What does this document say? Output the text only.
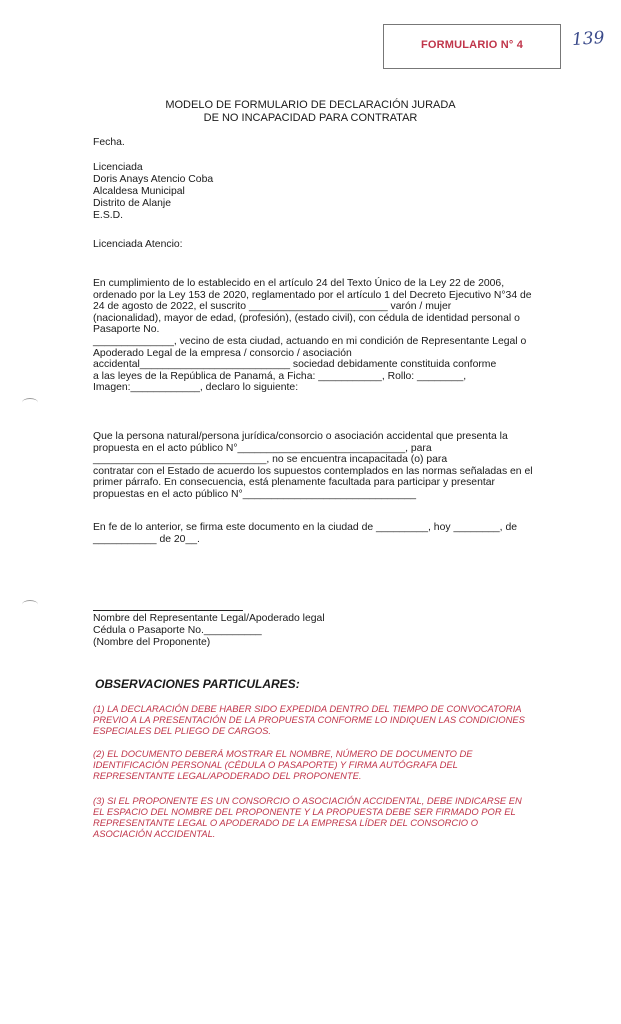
FORMULARIO N° 4	139
MODELO DE FORMULARIO DE DECLARACIÓN JURADA
DE NO INCAPACIDAD PARA CONTRATAR
Fecha.
Licenciada
Doris Anays Atencio Coba
Alcaldesa Municipal
Distrito de Alanje
E.S.D.
Licenciada Atencio:

En cumplimiento de lo establecido en el artículo 24 del Texto Único de la Ley 22 de 2006,

ordenado por la Ley 153 de 2020, reglamentado por el artículo 1 del Decreto Ejecutivo N°34 de

24 de agosto de 2022, el suscrito ________________________ varón / mujer

(nacionalidad), mayor de edad, (profesión), (estado civil), con cédula de identidad personal o

Pasaporte No.

______________, vecino de esta ciudad, actuando en mi condición de Representante Legal o

Apoderado Legal de la empresa / consorcio / asociación

accidental__________________________ sociedad debidamente constituida conforme

a las leyes de la República de Panamá, a Ficha: ___________, Rollo: ________,

Imagen:____________, declaro lo siguiente:

Que la persona natural/persona jurídica/consorcio o asociación accidental que presenta la

propuesta en el acto público N°_____________________________, para

______________________________, no se encuentra incapacitada (o) para

contratar con el Estado de acuerdo los supuestos contemplados en las normas señaladas en el

primer párrafo. En consecuencia, está plenamente facultada para participar y presentar

propuestas en el acto público N°______________________________

En fe de lo anterior, se firma este documento en la ciudad de _________, hoy ________, de

___________ de 20__.

Nombre del Representante Legal/Apoderado legal
Cédula o Pasaporte No.__________
(Nombre del Proponente)
OBSERVACIONES PARTICULARES:

(1) LA DECLARACIÓN DEBE HABER SIDO EXPEDIDA DENTRO DEL TIEMPO DE CONVOCATORIA

PREVIO A LA PRESENTACIÓN DE LA PROPUESTA CONFORME LO INDIQUEN LAS CONDICIONES

ESPECIALES DEL PLIEGO DE CARGOS.

(2) EL DOCUMENTO DEBERÁ MOSTRAR EL NOMBRE, NÚMERO DE DOCUMENTO DE

IDENTIFICACIÓN PERSONAL (CÉDULA O PASAPORTE) Y FIRMA AUTÓGRAFA DEL

REPRESENTANTE LEGAL/APODERADO DEL PROPONENTE.

(3) SI EL PROPONENTE ES UN CONSORCIO O ASOCIACIÓN ACCIDENTAL, DEBE INDICARSE EN

EL ESPACIO DEL NOMBRE DEL PROPONENTE Y LA PROPUESTA DEBE SER FIRMADO POR EL

REPRESENTANTE LEGAL O APODERADO DE LA EMPRESA LÍDER DEL CONSORCIO O

ASOCIACIÓN ACCIDENTAL.
